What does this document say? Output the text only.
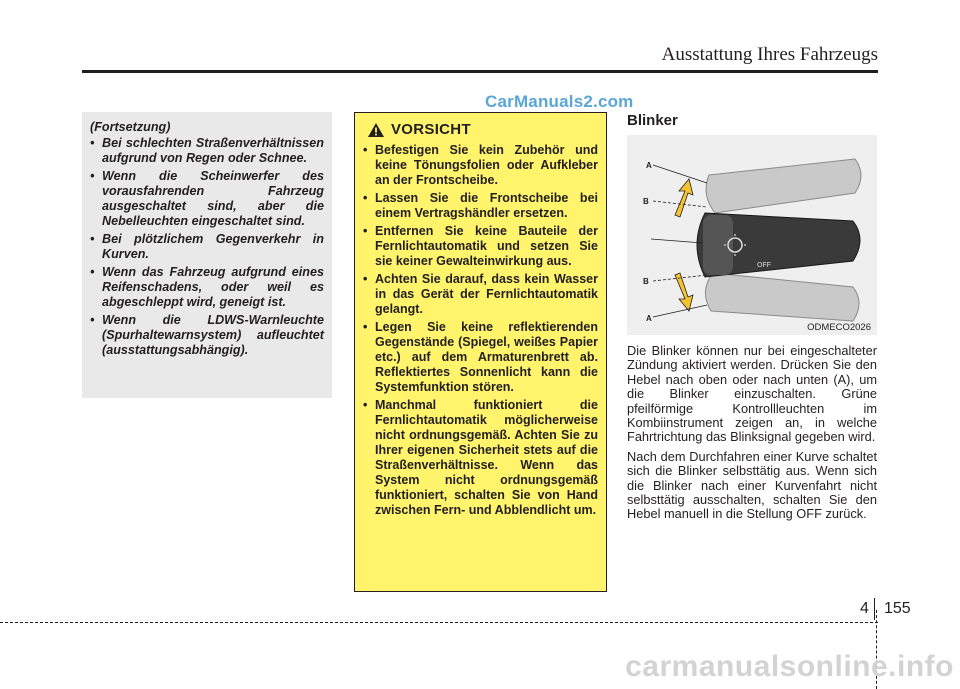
Ausstattung Ihres Fahrzeugs
CarManuals2.com
(Fortsetzung)
• Bei schlechten Straßenverhältnissen aufgrund von Regen oder Schnee.
• Wenn die Scheinwerfer des vorausfahrenden Fahrzeug ausgeschaltet sind, aber die Nebelleuchten eingeschaltet sind.
• Bei plötzlichem Gegenverkehr in Kurven.
• Wenn das Fahrzeug aufgrund eines Reifenschadens, oder weil es abgeschleppt wird, geneigt ist.
• Wenn die LDWS-Warnleuchte (Spurhaltewarnsystem) aufleuchtet (ausstattungsabhängig).
VORSICHT
• Befestigen Sie kein Zubehör und keine Tönungsfolien oder Aufkleber an der Frontscheibe.
• Lassen Sie die Frontscheibe bei einem Vertragshändler ersetzen.
• Entfernen Sie keine Bauteile der Fernlichtautomatik und setzen Sie sie keiner Gewalteinwirkung aus.
• Achten Sie darauf, dass kein Wasser in das Gerät der Fernlichtautomatik gelangt.
• Legen Sie keine reflektierenden Gegenstände (Spiegel, weißes Papier etc.) auf dem Armaturenbrett ab. Reflektiertes Sonnenlicht kann die Systemfunktion stören.
• Manchmal funktioniert die Fernlichtautomatik möglicherweise nicht ordnungsgemäß. Achten Sie zu Ihrer eigenen Sicherheit stets auf die Straßenverhältnisse. Wenn das System nicht ordnungsgemäß funktioniert, schalten Sie von Hand zwischen Fern- und Abblendlicht um.
Blinker
OFF
A
B
B
A
ODMECO2026

Die Blinker können nur bei eingeschalteter Zündung aktiviert werden. Drücken Sie den Hebel nach oben oder nach unten (A), um die Blinker einzuschalten. Grüne pfeilförmige Kontrollleuchten im Kombiinstrument zeigen an, in welche Fahrtrichtung das Blinksignal gegeben wird.

Nach dem Durchfahren einer Kurve schaltet sich die Blinker selbsttätig aus. Wenn sich die Blinker nach einer Kurvenfahrt nicht selbsttätig ausschalten, schalten Sie den Hebel manuell in die Stellung OFF zurück.

4 155
carmanualsonline.info
